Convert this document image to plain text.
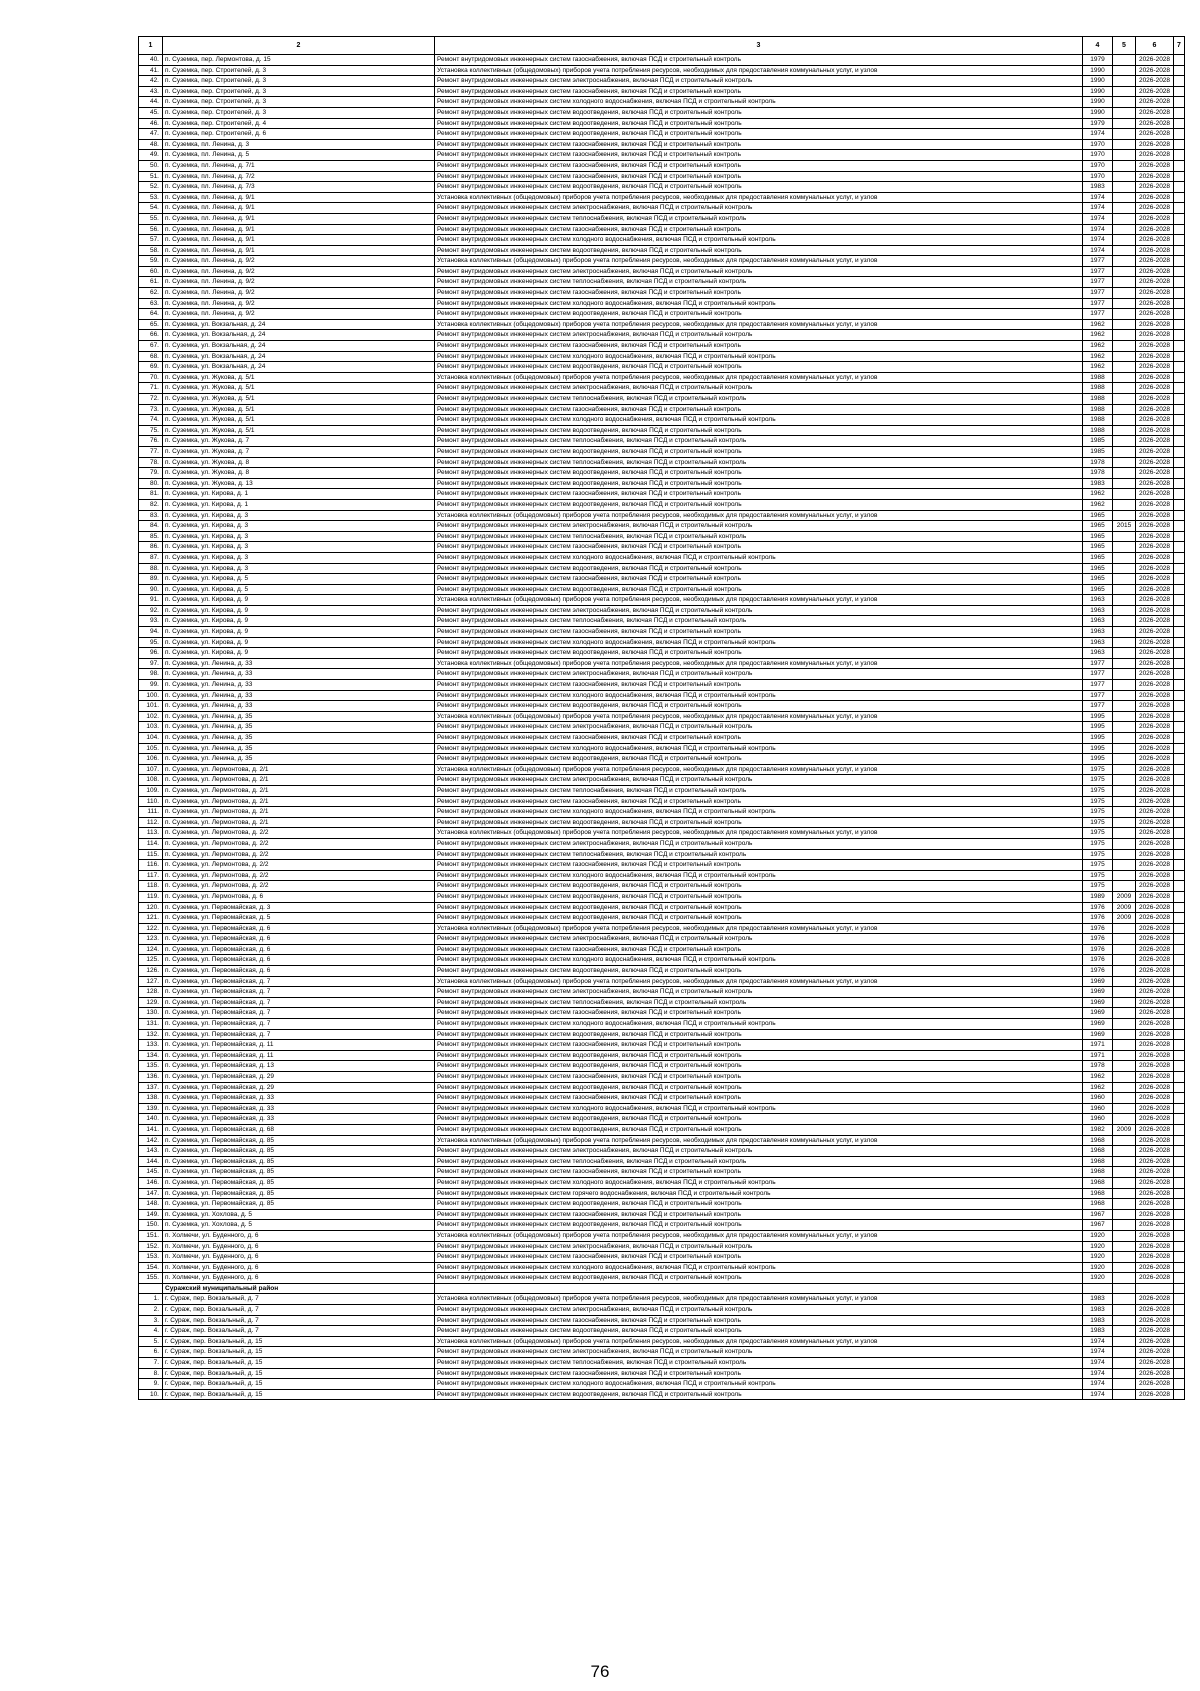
1	2	3	4	5	6	7
40.	п. Суземка, пер. Лермонтова, д. 15	Ремонт внутридомовых инженерных систем газоснабжения, включая ПСД и строительный контроль	1979		2026-2028	
41.	п. Суземка, пер. Строителей, д. 3	Установка коллективных (общедомовых) приборов учета потребления ресурсов, необходимых для предоставления коммунальных услуг, и узлов	1990		2026-2028	
42.	п. Суземка, пер. Строителей, д. 3	Ремонт внутридомовых инженерных систем электроснабжения, включая ПСД и строительный контроль	1990		2026-2028	
43.	п. Суземка, пер. Строителей, д. 3	Ремонт внутридомовых инженерных систем газоснабжения, включая ПСД и строительный контроль	1990		2026-2028	
44.	п. Суземка, пер. Строителей, д. 3	Ремонт внутридомовых инженерных систем холодного водоснабжения, включая ПСД и строительный контроль	1990		2026-2028	
45.	п. Суземка, пер. Строителей, д. 3	Ремонт внутридомовых инженерных систем водоотведения, включая ПСД и строительный контроль	1990		2026-2028	
46.	п. Суземка, пер. Строителей, д. 4	Ремонт внутридомовых инженерных систем водоотведения, включая ПСД и строительный контроль	1979		2026-2028	
47.	п. Суземка, пер. Строителей, д. 6	Ремонт внутридомовых инженерных систем водоотведения, включая ПСД и строительный контроль	1974		2026-2028	
48.	п. Суземка, пл. Ленина, д. 3	Ремонт внутридомовых инженерных систем газоснабжения, включая ПСД и строительный контроль	1970		2026-2028	
49.	п. Суземка, пл. Ленина, д. 5	Ремонт внутридомовых инженерных систем газоснабжения, включая ПСД и строительный контроль	1970		2026-2028	
50.	п. Суземка, пл. Ленина, д. 7/1	Ремонт внутридомовых инженерных систем газоснабжения, включая ПСД и строительный контроль	1970		2026-2028	
51.	п. Суземка, пл. Ленина, д. 7/2	Ремонт внутридомовых инженерных систем газоснабжения, включая ПСД и строительный контроль	1970		2026-2028	
52.	п. Суземка, пл. Ленина, д. 7/3	Ремонт внутридомовых инженерных систем водоотведения, включая ПСД и строительный контроль	1983		2026-2028	
53.	п. Суземка, пл. Ленина, д. 9/1	Установка коллективных (общедомовых) приборов учета потребления ресурсов, необходимых для предоставления коммунальных услуг, и узлов	1974		2026-2028	
54.	п. Суземка, пл. Ленина, д. 9/1	Ремонт внутридомовых инженерных систем электроснабжения, включая ПСД и строительный контроль	1974		2026-2028	
55.	п. Суземка, пл. Ленина, д. 9/1	Ремонт внутридомовых инженерных систем теплоснабжения, включая ПСД и строительный контроль	1974		2026-2028	
56.	п. Суземка, пл. Ленина, д. 9/1	Ремонт внутридомовых инженерных систем газоснабжения, включая ПСД и строительный контроль	1974		2026-2028	
57.	п. Суземка, пл. Ленина, д. 9/1	Ремонт внутридомовых инженерных систем холодного водоснабжения, включая ПСД и строительный контроль	1974		2026-2028	
58.	п. Суземка, пл. Ленина, д. 9/1	Ремонт внутридомовых инженерных систем водоотведения, включая ПСД и строительный контроль	1974		2026-2028	
59.	п. Суземка, пл. Ленина, д. 9/2	Установка коллективных (общедомовых) приборов учета потребления ресурсов, необходимых для предоставления коммунальных услуг, и узлов	1977		2026-2028	
60.	п. Суземка, пл. Ленина, д. 9/2	Ремонт внутридомовых инженерных систем электроснабжения, включая ПСД и строительный контроль	1977		2026-2028	
61.	п. Суземка, пл. Ленина, д. 9/2	Ремонт внутридомовых инженерных систем теплоснабжения, включая ПСД и строительный контроль	1977		2026-2028	
62.	п. Суземка, пл. Ленина, д. 9/2	Ремонт внутридомовых инженерных систем газоснабжения, включая ПСД и строительный контроль	1977		2026-2028	
63.	п. Суземка, пл. Ленина, д. 9/2	Ремонт внутридомовых инженерных систем холодного водоснабжения, включая ПСД и строительный контроль	1977		2026-2028	
64.	п. Суземка, пл. Ленина, д. 9/2	Ремонт внутридомовых инженерных систем водоотведения, включая ПСД и строительный контроль	1977		2026-2028	
65.	п. Суземка, ул. Вокзальная, д. 24	Установка коллективных (общедомовых) приборов учета потребления ресурсов, необходимых для предоставления коммунальных услуг, и узлов	1962		2026-2028	
66.	п. Суземка, ул. Вокзальная, д. 24	Ремонт внутридомовых инженерных систем электроснабжения, включая ПСД и строительный контроль	1962		2026-2028	
67.	п. Суземка, ул. Вокзальная, д. 24	Ремонт внутридомовых инженерных систем газоснабжения, включая ПСД и строительный контроль	1962		2026-2028	
68.	п. Суземка, ул. Вокзальная, д. 24	Ремонт внутридомовых инженерных систем холодного водоснабжения, включая ПСД и строительный контроль	1962		2026-2028	
69.	п. Суземка, ул. Вокзальная, д. 24	Ремонт внутридомовых инженерных систем водоотведения, включая ПСД и строительный контроль	1962		2026-2028	
70.	п. Суземка, ул. Жукова, д. 5/1	Установка коллективных (общедомовых) приборов учета потребления ресурсов, необходимых для предоставления коммунальных услуг, и узлов	1988		2026-2028	
71.	п. Суземка, ул. Жукова, д. 5/1	Ремонт внутридомовых инженерных систем электроснабжения, включая ПСД и строительный контроль	1988		2026-2028	
72.	п. Суземка, ул. Жукова, д. 5/1	Ремонт внутридомовых инженерных систем теплоснабжения, включая ПСД и строительный контроль	1988		2026-2028	
73.	п. Суземка, ул. Жукова, д. 5/1	Ремонт внутридомовых инженерных систем газоснабжения, включая ПСД и строительный контроль	1988		2026-2028	
74.	п. Суземка, ул. Жукова, д. 5/1	Ремонт внутридомовых инженерных систем холодного водоснабжения, включая ПСД и строительный контроль	1988		2026-2028	
75.	п. Суземка, ул. Жукова, д. 5/1	Ремонт внутридомовых инженерных систем водоотведения, включая ПСД и строительный контроль	1988		2026-2028	
76.	п. Суземка, ул. Жукова, д. 7	Ремонт внутридомовых инженерных систем теплоснабжения, включая ПСД и строительный контроль	1985		2026-2028	
77.	п. Суземка, ул. Жукова, д. 7	Ремонт внутридомовых инженерных систем водоотведения, включая ПСД и строительный контроль	1985		2026-2028	
78.	п. Суземка, ул. Жукова, д. 8	Ремонт внутридомовых инженерных систем теплоснабжения, включая ПСД и строительный контроль	1978		2026-2028	
79.	п. Суземка, ул. Жукова, д. 8	Ремонт внутридомовых инженерных систем водоотведения, включая ПСД и строительный контроль	1978		2026-2028	
80.	п. Суземка, ул. Жукова, д. 13	Ремонт внутридомовых инженерных систем водоотведения, включая ПСД и строительный контроль	1983		2026-2028	
81.	п. Суземка, ул. Кирова, д. 1	Ремонт внутридомовых инженерных систем газоснабжения, включая ПСД и строительный контроль	1962		2026-2028	
82.	п. Суземка, ул. Кирова, д. 1	Ремонт внутридомовых инженерных систем водоотведения, включая ПСД и строительный контроль	1962		2026-2028	
83.	п. Суземка, ул. Кирова, д. 3	Установка коллективных (общедомовых) приборов учета потребления ресурсов, необходимых для предоставления коммунальных услуг, и узлов	1965		2026-2028	
84.	п. Суземка, ул. Кирова, д. 3	Ремонт внутридомовых инженерных систем электроснабжения, включая ПСД и строительный контроль	1965	2015	2026-2028	
85.	п. Суземка, ул. Кирова, д. 3	Ремонт внутридомовых инженерных систем теплоснабжения, включая ПСД и строительный контроль	1965		2026-2028	
86.	п. Суземка, ул. Кирова, д. 3	Ремонт внутридомовых инженерных систем газоснабжения, включая ПСД и строительный контроль	1965		2026-2028	
87.	п. Суземка, ул. Кирова, д. 3	Ремонт внутридомовых инженерных систем холодного водоснабжения, включая ПСД и строительный контроль	1965		2026-2028	
88.	п. Суземка, ул. Кирова, д. 3	Ремонт внутридомовых инженерных систем водоотведения, включая ПСД и строительный контроль	1965		2026-2028	
89.	п. Суземка, ул. Кирова, д. 5	Ремонт внутридомовых инженерных систем газоснабжения, включая ПСД и строительный контроль	1965		2026-2028	
90.	п. Суземка, ул. Кирова, д. 5	Ремонт внутридомовых инженерных систем водоотведения, включая ПСД и строительный контроль	1965		2026-2028	
91.	п. Суземка, ул. Кирова, д. 9	Установка коллективных (общедомовых) приборов учета потребления ресурсов, необходимых для предоставления коммунальных услуг, и узлов	1963		2026-2028	
92.	п. Суземка, ул. Кирова, д. 9	Ремонт внутридомовых инженерных систем электроснабжения, включая ПСД и строительный контроль	1963		2026-2028	
93.	п. Суземка, ул. Кирова, д. 9	Ремонт внутридомовых инженерных систем теплоснабжения, включая ПСД и строительный контроль	1963		2026-2028	
94.	п. Суземка, ул. Кирова, д. 9	Ремонт внутридомовых инженерных систем газоснабжения, включая ПСД и строительный контроль	1963		2026-2028	
95.	п. Суземка, ул. Кирова, д. 9	Ремонт внутридомовых инженерных систем холодного водоснабжения, включая ПСД и строительный контроль	1963		2026-2028	
96.	п. Суземка, ул. Кирова, д. 9	Ремонт внутридомовых инженерных систем водоотведения, включая ПСД и строительный контроль	1963		2026-2028	
97.	п. Суземка, ул. Ленина, д. 33	Установка коллективных (общедомовых) приборов учета потребления ресурсов, необходимых для предоставления коммунальных услуг, и узлов	1977		2026-2028	
98.	п. Суземка, ул. Ленина, д. 33	Ремонт внутридомовых инженерных систем электроснабжения, включая ПСД и строительный контроль	1977		2026-2028	
99.	п. Суземка, ул. Ленина, д. 33	Ремонт внутридомовых инженерных систем газоснабжения, включая ПСД и строительный контроль	1977		2026-2028	
100.	п. Суземка, ул. Ленина, д. 33	Ремонт внутридомовых инженерных систем холодного водоснабжения, включая ПСД и строительный контроль	1977		2026-2028	
101.	п. Суземка, ул. Ленина, д. 33	Ремонт внутридомовых инженерных систем водоотведения, включая ПСД и строительный контроль	1977		2026-2028	
102.	п. Суземка, ул. Ленина, д. 35	Установка коллективных (общедомовых) приборов учета потребления ресурсов, необходимых для предоставления коммунальных услуг, и узлов	1995		2026-2028	
103.	п. Суземка, ул. Ленина, д. 35	Ремонт внутридомовых инженерных систем электроснабжения, включая ПСД и строительный контроль	1995		2026-2028	
104.	п. Суземка, ул. Ленина, д. 35	Ремонт внутридомовых инженерных систем газоснабжения, включая ПСД и строительный контроль	1995		2026-2028	
105.	п. Суземка, ул. Ленина, д. 35	Ремонт внутридомовых инженерных систем холодного водоснабжения, включая ПСД и строительный контроль	1995		2026-2028	
106.	п. Суземка, ул. Ленина, д. 35	Ремонт внутридомовых инженерных систем водоотведения, включая ПСД и строительный контроль	1995		2026-2028	
107.	п. Суземка, ул. Лермонтова, д. 2/1	Установка коллективных (общедомовых) приборов учета потребления ресурсов, необходимых для предоставления коммунальных услуг, и узлов	1975		2026-2028	
108.	п. Суземка, ул. Лермонтова, д. 2/1	Ремонт внутридомовых инженерных систем электроснабжения, включая ПСД и строительный контроль	1975		2026-2028	
109.	п. Суземка, ул. Лермонтова, д. 2/1	Ремонт внутридомовых инженерных систем теплоснабжения, включая ПСД и строительный контроль	1975		2026-2028	
110.	п. Суземка, ул. Лермонтова, д. 2/1	Ремонт внутридомовых инженерных систем газоснабжения, включая ПСД и строительный контроль	1975		2026-2028	
111.	п. Суземка, ул. Лермонтова, д. 2/1	Ремонт внутридомовых инженерных систем холодного водоснабжения, включая ПСД и строительный контроль	1975		2026-2028	
112.	п. Суземка, ул. Лермонтова, д. 2/1	Ремонт внутридомовых инженерных систем водоотведения, включая ПСД и строительный контроль	1975		2026-2028	
113.	п. Суземка, ул. Лермонтова, д. 2/2	Установка коллективных (общедомовых) приборов учета потребления ресурсов, необходимых для предоставления коммунальных услуг, и узлов	1975		2026-2028	
114.	п. Суземка, ул. Лермонтова, д. 2/2	Ремонт внутридомовых инженерных систем электроснабжения, включая ПСД и строительный контроль	1975		2026-2028	
115.	п. Суземка, ул. Лермонтова, д. 2/2	Ремонт внутридомовых инженерных систем теплоснабжения, включая ПСД и строительный контроль	1975		2026-2028	
116.	п. Суземка, ул. Лермонтова, д. 2/2	Ремонт внутридомовых инженерных систем газоснабжения, включая ПСД и строительный контроль	1975		2026-2028	
117.	п. Суземка, ул. Лермонтова, д. 2/2	Ремонт внутридомовых инженерных систем холодного водоснабжения, включая ПСД и строительный контроль	1975		2026-2028	
118.	п. Суземка, ул. Лермонтова, д. 2/2	Ремонт внутридомовых инженерных систем водоотведения, включая ПСД и строительный контроль	1975		2026-2028	
119.	п. Суземка, ул. Лермонтова, д. 6	Ремонт внутридомовых инженерных систем водоотведения, включая ПСД и строительный контроль	1989	2009	2026-2028	
120.	п. Суземка, ул. Первомайская, д. 3	Ремонт внутридомовых инженерных систем водоотведения, включая ПСД и строительный контроль	1976	2009	2026-2028	
121.	п. Суземка, ул. Первомайская, д. 5	Ремонт внутридомовых инженерных систем водоотведения, включая ПСД и строительный контроль	1976	2009	2026-2028	
122.	п. Суземка, ул. Первомайская, д. 6	Установка коллективных (общедомовых) приборов учета потребления ресурсов, необходимых для предоставления коммунальных услуг, и узлов	1976		2026-2028	
123.	п. Суземка, ул. Первомайская, д. 6	Ремонт внутридомовых инженерных систем электроснабжения, включая ПСД и строительный контроль	1976		2026-2028	
124.	п. Суземка, ул. Первомайская, д. 6	Ремонт внутридомовых инженерных систем газоснабжения, включая ПСД и строительный контроль	1976		2026-2028	
125.	п. Суземка, ул. Первомайская, д. 6	Ремонт внутридомовых инженерных систем холодного водоснабжения, включая ПСД и строительный контроль	1976		2026-2028	
126.	п. Суземка, ул. Первомайская, д. 6	Ремонт внутридомовых инженерных систем водоотведения, включая ПСД и строительный контроль	1976		2026-2028	
127.	п. Суземка, ул. Первомайская, д. 7	Установка коллективных (общедомовых) приборов учета потребления ресурсов, необходимых для предоставления коммунальных услуг, и узлов	1969		2026-2028	
128.	п. Суземка, ул. Первомайская, д. 7	Ремонт внутридомовых инженерных систем электроснабжения, включая ПСД и строительный контроль	1969		2026-2028	
129.	п. Суземка, ул. Первомайская, д. 7	Ремонт внутридомовых инженерных систем теплоснабжения, включая ПСД и строительный контроль	1969		2026-2028	
130.	п. Суземка, ул. Первомайская, д. 7	Ремонт внутридомовых инженерных систем газоснабжения, включая ПСД и строительный контроль	1969		2026-2028	
131.	п. Суземка, ул. Первомайская, д. 7	Ремонт внутридомовых инженерных систем холодного водоснабжения, включая ПСД и строительный контроль	1969		2026-2028	
132.	п. Суземка, ул. Первомайская, д. 7	Ремонт внутридомовых инженерных систем водоотведения, включая ПСД и строительный контроль	1969		2026-2028	
133.	п. Суземка, ул. Первомайская, д. 11	Ремонт внутридомовых инженерных систем газоснабжения, включая ПСД и строительный контроль	1971		2026-2028	
134.	п. Суземка, ул. Первомайская, д. 11	Ремонт внутридомовых инженерных систем водоотведения, включая ПСД и строительный контроль	1971		2026-2028	
135.	п. Суземка, ул. Первомайская, д. 13	Ремонт внутридомовых инженерных систем водоотведения, включая ПСД и строительный контроль	1978		2026-2028	
136.	п. Суземка, ул. Первомайская, д. 29	Ремонт внутридомовых инженерных систем газоснабжения, включая ПСД и строительный контроль	1962		2026-2028	
137.	п. Суземка, ул. Первомайская, д. 29	Ремонт внутридомовых инженерных систем водоотведения, включая ПСД и строительный контроль	1962		2026-2028	
138.	п. Суземка, ул. Первомайская, д. 33	Ремонт внутридомовых инженерных систем газоснабжения, включая ПСД и строительный контроль	1960		2026-2028	
139.	п. Суземка, ул. Первомайская, д. 33	Ремонт внутридомовых инженерных систем холодного водоснабжения, включая ПСД и строительный контроль	1960		2026-2028	
140.	п. Суземка, ул. Первомайская, д. 33	Ремонт внутридомовых инженерных систем водоотведения, включая ПСД и строительный контроль	1960		2026-2028	
141.	п. Суземка, ул. Первомайская, д. 68	Ремонт внутридомовых инженерных систем водоотведения, включая ПСД и строительный контроль	1982	2009	2026-2028	
142.	п. Суземка, ул. Первомайская, д. 85	Установка коллективных (общедомовых) приборов учета потребления ресурсов, необходимых для предоставления коммунальных услуг, и узлов	1968		2026-2028	
143.	п. Суземка, ул. Первомайская, д. 85	Ремонт внутридомовых инженерных систем электроснабжения, включая ПСД и строительный контроль	1968		2026-2028	
144.	п. Суземка, ул. Первомайская, д. 85	Ремонт внутридомовых инженерных систем теплоснабжения, включая ПСД и строительный контроль	1968		2026-2028	
145.	п. Суземка, ул. Первомайская, д. 85	Ремонт внутридомовых инженерных систем газоснабжения, включая ПСД и строительный контроль	1968		2026-2028	
146.	п. Суземка, ул. Первомайская, д. 85	Ремонт внутридомовых инженерных систем холодного водоснабжения, включая ПСД и строительный контроль	1968		2026-2028	
147.	п. Суземка, ул. Первомайская, д. 85	Ремонт внутридомовых инженерных систем горячего водоснабжения, включая ПСД и строительный контроль	1968		2026-2028	
148.	п. Суземка, ул. Первомайская, д. 85	Ремонт внутридомовых инженерных систем водоотведения, включая ПСД и строительный контроль	1968		2026-2028	
149.	п. Суземка, ул. Хохлова, д. 5	Ремонт внутридомовых инженерных систем газоснабжения, включая ПСД и строительный контроль	1967		2026-2028	
150.	п. Суземка, ул. Хохлова, д. 5	Ремонт внутридомовых инженерных систем водоотведения, включая ПСД и строительный контроль	1967		2026-2028	
151.	п. Холмечи, ул. Буденного, д. 6	Установка коллективных (общедомовых) приборов учета потребления ресурсов, необходимых для предоставления коммунальных услуг, и узлов	1920		2026-2028	
152.	п. Холмечи, ул. Буденного, д. 6	Ремонт внутридомовых инженерных систем электроснабжения, включая ПСД и строительный контроль	1920		2026-2028	
153.	п. Холмечи, ул. Буденного, д. 6	Ремонт внутридомовых инженерных систем газоснабжения, включая ПСД и строительный контроль	1920		2026-2028	
154.	п. Холмечи, ул. Буденного, д. 6	Ремонт внутридомовых инженерных систем холодного водоснабжения, включая ПСД и строительный контроль	1920		2026-2028	
155.	п. Холмечи, ул. Буденного, д. 6	Ремонт внутридомовых инженерных систем водоотведения, включая ПСД и строительный контроль	1920		2026-2028	
	Суражский муниципальный район					
1.	г. Сураж, пер. Вокзальный, д. 7	Установка коллективных (общедомовых) приборов учета потребления ресурсов, необходимых для предоставления коммунальных услуг, и узлов	1983		2026-2028	
2.	г. Сураж, пер. Вокзальный, д. 7	Ремонт внутридомовых инженерных систем электроснабжения, включая ПСД и строительный контроль	1983		2026-2028	
3.	г. Сураж, пер. Вокзальный, д. 7	Ремонт внутридомовых инженерных систем газоснабжения, включая ПСД и строительный контроль	1983		2026-2028	
4.	г. Сураж, пер. Вокзальный, д. 7	Ремонт внутридомовых инженерных систем водоотведения, включая ПСД и строительный контроль	1983		2026-2028	
5.	г. Сураж, пер. Вокзальный, д. 15	Установка коллективных (общедомовых) приборов учета потребления ресурсов, необходимых для предоставления коммунальных услуг, и узлов	1974		2026-2028	
6.	г. Сураж, пер. Вокзальный, д. 15	Ремонт внутридомовых инженерных систем электроснабжения, включая ПСД и строительный контроль	1974		2026-2028	
7.	г. Сураж, пер. Вокзальный, д. 15	Ремонт внутридомовых инженерных систем теплоснабжения, включая ПСД и строительный контроль	1974		2026-2028	
8.	г. Сураж, пер. Вокзальный, д. 15	Ремонт внутридомовых инженерных систем газоснабжения, включая ПСД и строительный контроль	1974		2026-2028	
9.	г. Сураж, пер. Вокзальный, д. 15	Ремонт внутридомовых инженерных систем холодного водоснабжения, включая ПСД и строительный контроль	1974		2026-2028	
10.	г. Сураж, пер. Вокзальный, д. 15	Ремонт внутридомовых инженерных систем водоотведения, включая ПСД и строительный контроль	1974		2026-2028	
76
